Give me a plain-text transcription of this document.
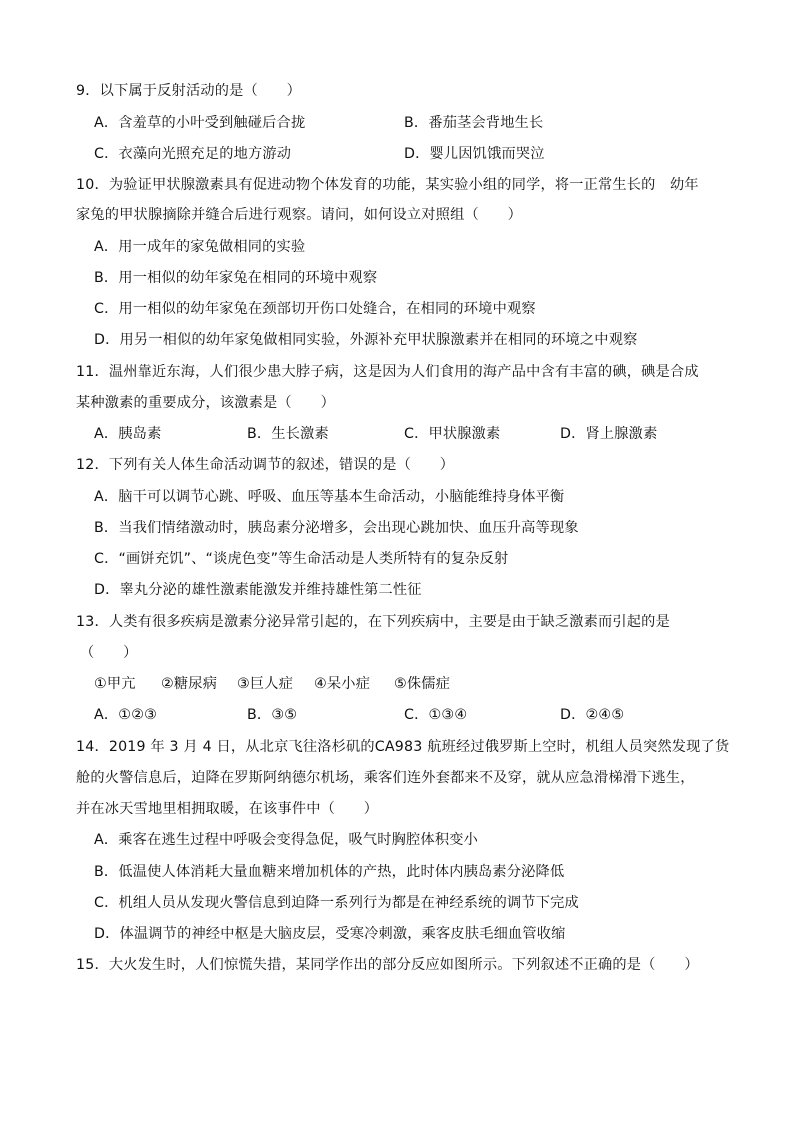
9．以下属于反射活动的是（　　）
A．含羞草的小叶受到触碰后合拢	B．番茄茎会背地生长
C．衣藻向光照充足的地方游动	D．婴儿因饥饿而哭泣
10．为验证甲状腺激素具有促进动物个体发育的功能，某实验小组的同学，将一正常生长的　幼年
家兔的甲状腺摘除并缝合后进行观察。请问，如何设立对照组（　　）
A．用一成年的家兔做相同的实验
B．用一相似的幼年家兔在相同的环境中观察
C．用一相似的幼年家兔在颈部切开伤口处缝合，在相同的环境中观察
D．用另一相似的幼年家兔做相同实验，外源补充甲状腺激素并在相同的环境之中观察
11．温州靠近东海，人们很少患大脖子病，这是因为人们食用的海产品中含有丰富的碘，碘是合成
某种激素的重要成分，该激素是（　　）
A．胰岛素	B．生长激素	C．甲状腺激素	D．肾上腺激素
12．下列有关人体生命活动调节的叙述，错误的是（　　）
A．脑干可以调节心跳、呼吸、血压等基本生命活动，小脑能维持身体平衡
B．当我们情绪激动时，胰岛素分泌增多，会出现心跳加快、血压升高等现象
C．“画饼充饥”、“谈虎色变”等生命活动是人类所特有的复杂反射
D．睾丸分泌的雄性激素能激发并维持雄性第二性征
13．人类有很多疾病是激素分泌异常引起的，在下列疾病中，主要是由于缺乏激素而引起的是
（　　）
①甲亢 ②糖尿病 ③巨人症 ④呆小症 ⑤侏儒症
A．①②③	B．③⑤	C．①③④	D．②④⑤
14．2019 年 3 月 4 日，从北京飞往洛杉矶的CA983 航班经过俄罗斯上空时，机组人员突然发现了货
舱的火警信息后，迫降在罗斯阿纳德尔机场，乘客们连外套都来不及穿，就从应急滑梯滑下逃生，
并在冰天雪地里相拥取暖，在该事件中（　　）
A．乘客在逃生过程中呼吸会变得急促，吸气时胸腔体积变小
B．低温使人体消耗大量血糖来增加机体的产热，此时体内胰岛素分泌降低
C．机组人员从发现火警信息到迫降一系列行为都是在神经系统的调节下完成
D．体温调节的神经中枢是大脑皮层，受寒冷刺激，乘客皮肤毛细血管收缩
15．大火发生时，人们惊慌失措，某同学作出的部分反应如图所示。下列叙述不正确的是（　　）
